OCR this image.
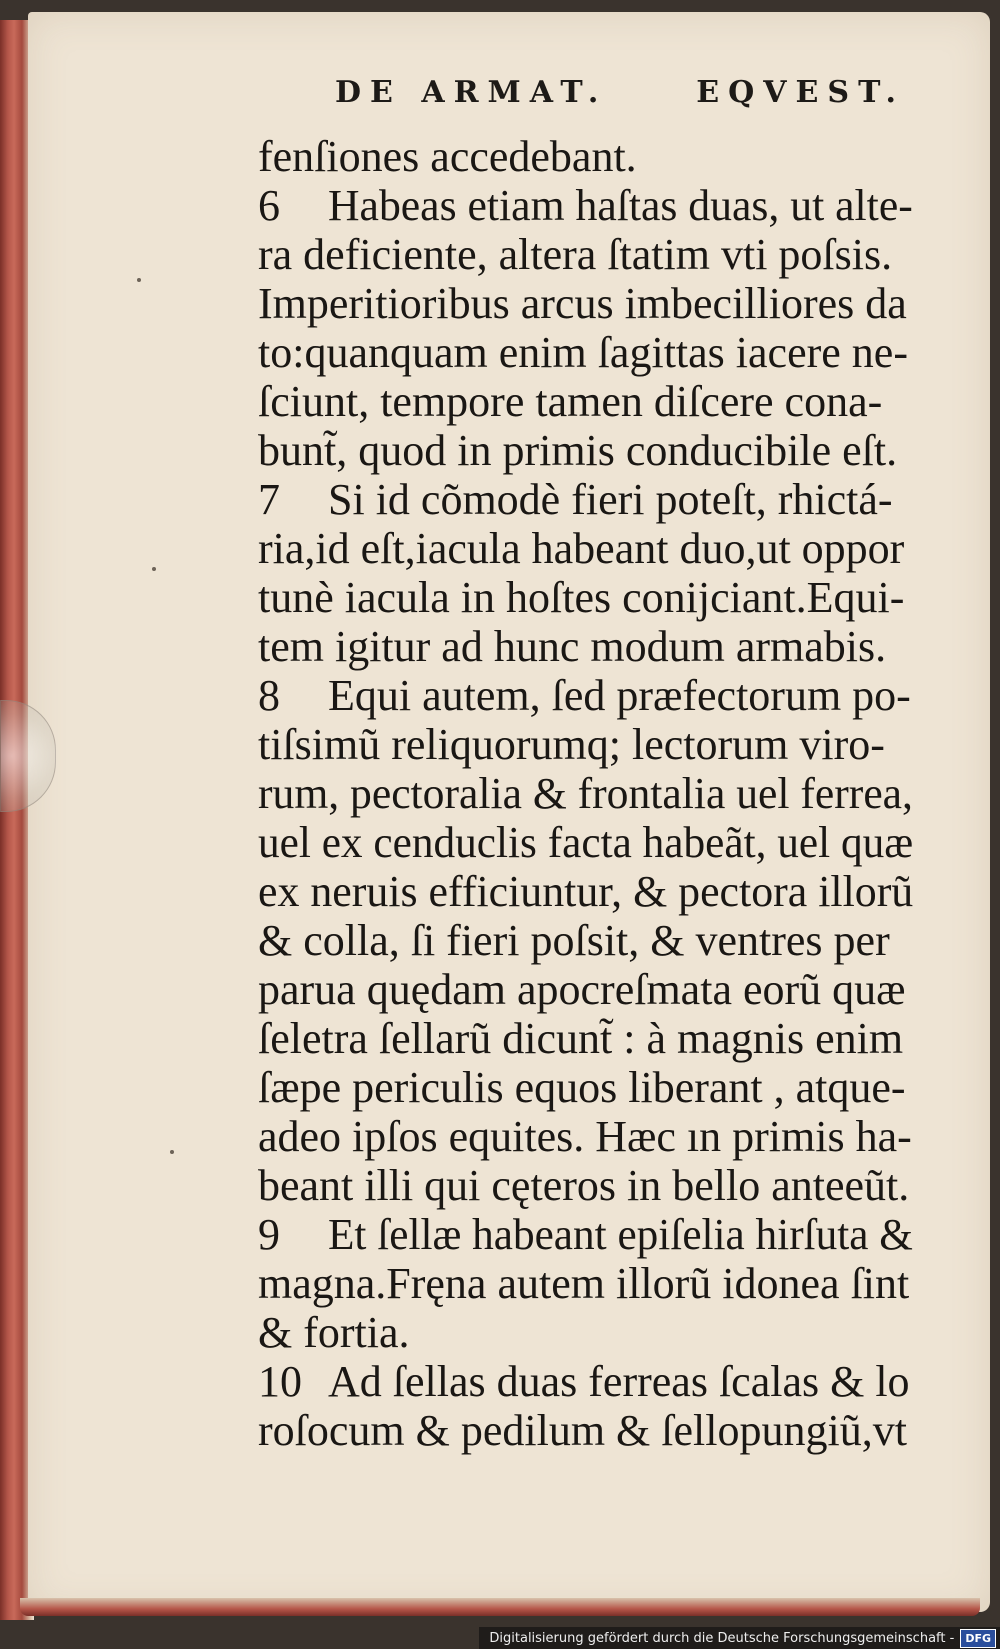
DE ARMAT.	EQVEST.
fenſiones accedebant.
6 Habeas etiam haſtas duas, ut alte-
ra deficiente, altera ſtatim vti poſsis.
Imperitioribus arcus imbecilliores da
to:quanquam enim ſagittas iacere ne-
ſciunt, tempore tamen diſcere cona-
bunt̃, quod in primis conducibile eſt.
7 Si id cõmodè fieri poteſt, rhictá-
ria,id eſt,iacula habeant duo,ut oppor
tunè iacula in hoſtes conijciant.Equi-
tem igitur ad hunc modum armabis.
8 Equi autem, ſed præfectorum po-
tiſsimũ reliquorumq; lectorum viro-
rum, pectoralia & frontalia uel ferrea,
uel ex cenduclis facta habeãt, uel quæ
ex neruis efficiuntur, & pectora illorũ
& colla, ſi fieri poſsit, & ventres per
parua quędam apocreſmata eorũ quæ
ſeletra ſellarũ dicunt̃ : à magnis enim
ſæpe periculis equos liberant , atque-
adeo ipſos equites. Hæc ın primis ha-
beant illi qui cęteros in bello anteeũt.
9 Et ſellæ habeant epiſelia hirſuta &
magna.Fręna autem illorũ idonea ſint
& fortia.
10 Ad ſellas duas ferreas ſcalas & lo
roſocum & pedilum & ſellopungiũ,vt
Digitalisierung gefördert durch die Deutsche Forschungsgemeinschaft -	DFG
